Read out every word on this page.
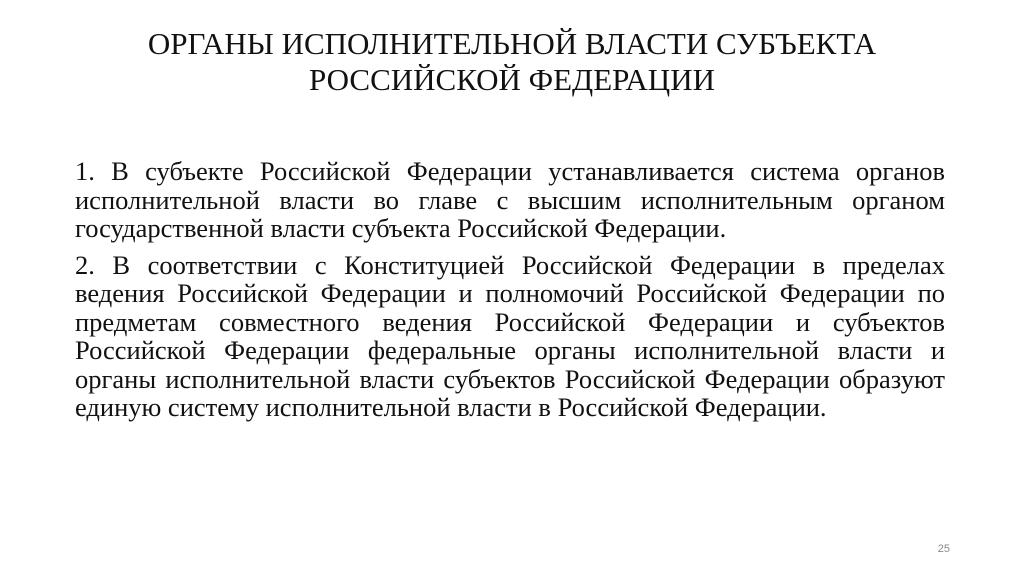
ОРГАНЫ ИСПОЛНИТЕЛЬНОЙ ВЛАСТИ СУБЪЕКТА
РОССИЙСКОЙ ФЕДЕРАЦИИ

1. В субъекте Российской Федерации устанавливается система органов исполнительной власти во главе с высшим исполнительным органом государственной власти субъекта Российской Федерации.

2. В соответствии с Конституцией Российской Федерации в пределах ведения Российской Федерации и полномочий Российской Федерации по предметам совместного ведения Российской Федерации и субъектов Российской Федерации федеральные органы исполнительной власти и органы исполнительной власти субъектов Российской Федерации образуют единую систему исполнительной власти в Российской Федерации.

25
